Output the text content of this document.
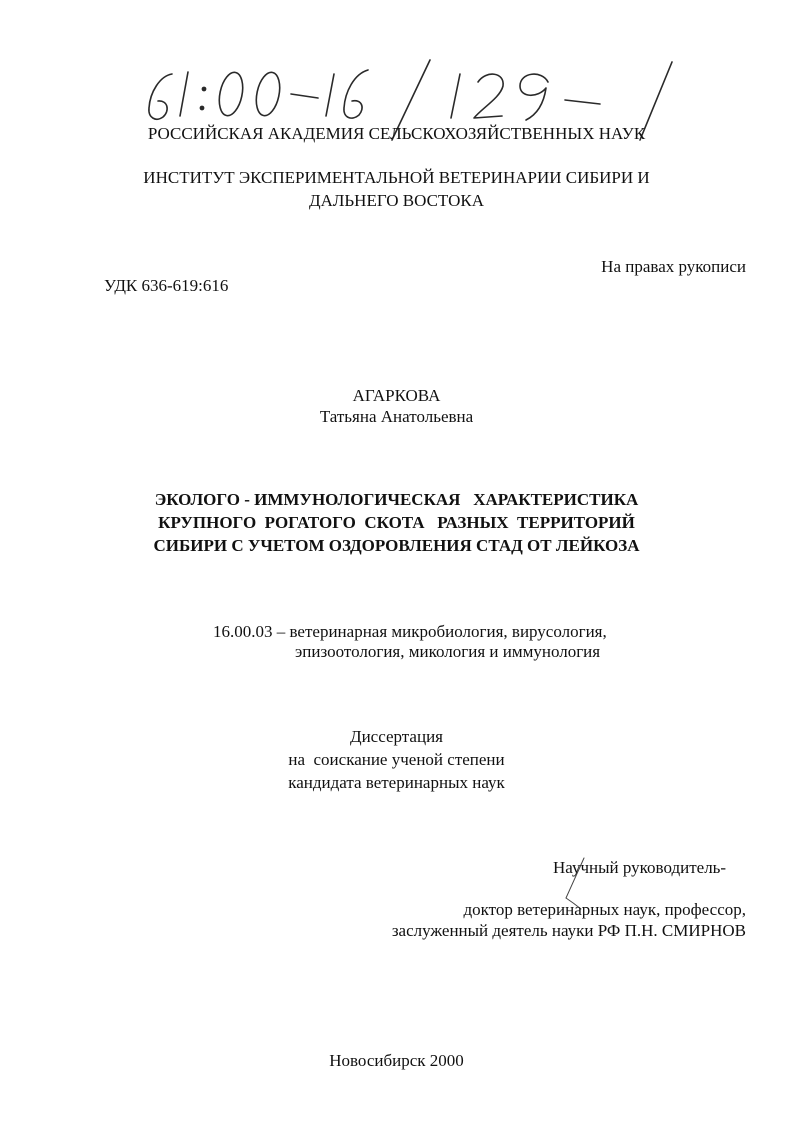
РОССИЙСКАЯ АКАДЕМИЯ СЕЛЬСКОХОЗЯЙСТВЕННЫХ НАУК
ИНСТИТУТ ЭКСПЕРИМЕНТАЛЬНОЙ ВЕТЕРИНАРИИ СИБИРИ И
ДАЛЬНЕГО ВОСТОКА
На правах рукописи
УДК 636-619:616
АГАРКОВА
Татьяна Анатольевна
ЭКОЛОГО - ИММУНОЛОГИЧЕСКАЯ   ХАРАКТЕРИСТИКА
КРУПНОГО  РОГАТОГО  СКОТА   РАЗНЫХ  ТЕРРИТОРИЙ
СИБИРИ С УЧЕТОМ ОЗДОРОВЛЕНИЯ СТАД ОТ ЛЕЙКОЗА
16.00.03 – ветеринарная микробиология, вирусология,
эпизоотология, микология и иммунология
Диссертация
на  соискание ученой степени
кандидата ветеринарных наук
Научный руководитель-
доктор ветеринарных наук, профессор,
заслуженный деятель науки РФ П.Н. СМИРНОВ
Новосибирск 2000
